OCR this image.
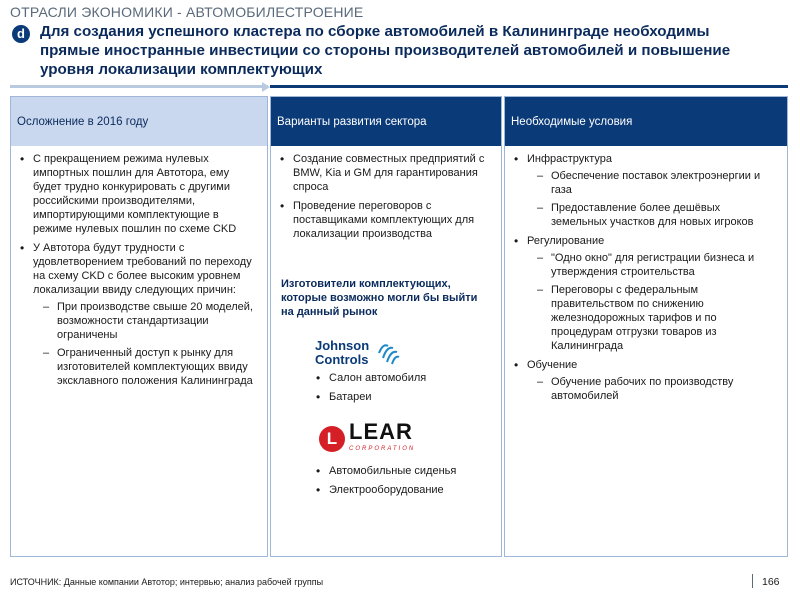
ОТРАСЛИ ЭКОНОМИКИ - АВТОМОБИЛЕСТРОЕНИЕ
d Для создания успешного кластера по сборке автомобилей в Калининграде необходимы прямые иностранные инвестиции со стороны производителей автомобилей и повышение уровня локализации комплектующих
Осложнение в 2016 году
• С прекращением режима нулевых импортных пошлин для Автотора, ему будет трудно конкурировать с другими российскими производителями, импортирующими комплектующие в режиме нулевых пошлин по схеме CKD
• У Автотора будут трудности с удовлетворением требований по переходу на схему CKD с более высоким уровнем локализации ввиду следующих причин:
– При производстве свыше 20 моделей, возможности стандартизации ограничены
– Ограниченный доступ к рынку для изготовителей комплектующих ввиду эксклавного положения Калининграда
Варианты развития сектора
• Создание совместных предприятий с BMW, Kia и GM для гарантирования спроса
• Проведение переговоров с поставщиками комплектующих для локализации производства
Изготовители комплектующих, которые возможно могли бы выйти на данный рынок
Johnson
Controls
• Салон автомобиля
• Батареи
L LEAR
CORPORATION
• Автомобильные сиденья
• Электрооборудование
Необходимые условия
• Инфраструктура
– Обеспечение поставок электроэнергии и газа
– Предоставление более дешёвых земельных участков для новых игроков
• Регулирование
– "Одно окно" для регистрации бизнеса и утверждения строительства
– Переговоры с федеральным правительством по снижению железнодорожных тарифов и по процедурам отгрузки товаров из Калининграда
• Обучение
– Обучение рабочих по производству автомобилей
ИСТОЧНИК: Данные компании Автотор; интервью; анализ рабочей группы	166
